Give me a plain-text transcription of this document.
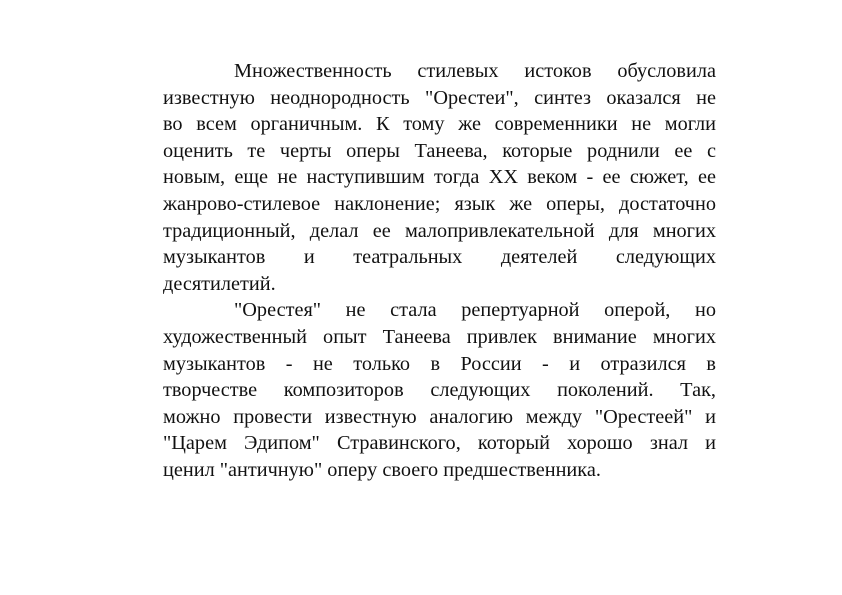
Множественность стилевых истоков обусловила
известную неоднородность "Орестеи", синтез оказался не
во всем органичным. К тому же современники не могли
оценить те черты оперы Танеева, которые роднили ее с
новым, еще не наступившим тогда XX веком - ее сюжет, ее
жанрово-стилевое наклонение; язык же оперы, достаточно
традиционный, делал ее малопривлекательной для многих
музыкантов и театральных деятелей следующих
десятилетий.
"Орестея" не стала репертуарной оперой, но
художественный опыт Танеева привлек внимание многих
музыкантов - не только в России - и отразился в
творчестве композиторов следующих поколений. Так,
можно провести известную аналогию между "Орестеей" и
"Царем Эдипом" Стравинского, который хорошо знал и
ценил "античную" оперу своего предшественника.
